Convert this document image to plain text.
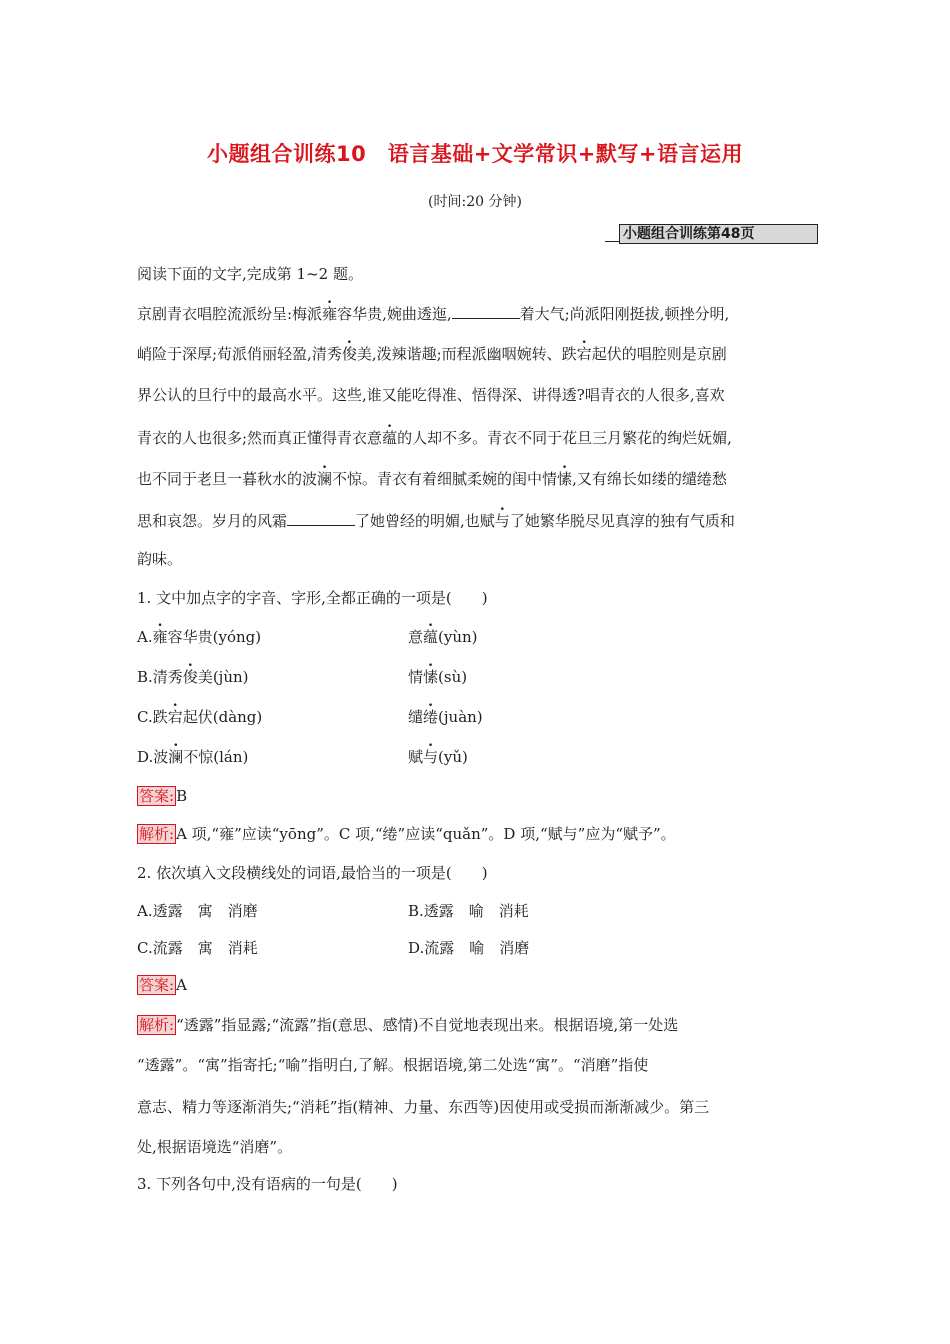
小题组合训练10　语言基础+文学常识+默写+语言运用
(时间:20 分钟)
小题组合训练第48页
阅读下面的文字,完成第 1~2 题。
京剧青衣唱腔流派纷呈:梅派雍容华贵,婉曲透迤,	着大气;尚派阳刚挺拔,顿挫分明,
峭险于深厚;荀派俏丽轻盈,清秀俊美,泼辣谐趣;而程派幽咽婉转、跌宕起伏的唱腔则是京剧
界公认的旦行中的最高水平。这些,谁又能吃得准、悟得深、讲得透?唱青衣的人很多,喜欢
青衣的人也很多;然而真正懂得青衣意蕴的人却不多。青衣不同于花旦三月繁花的绚烂妩媚,
也不同于老旦一暮秋水的波澜不惊。青衣有着细腻柔婉的闺中情愫,又有绵长如缕的缱绻愁
思和哀怨。岁月的风霜	了她曾经的明媚,也赋与了她繁华脱尽见真淳的独有气质和
韵味。
1. 文中加点字的字音、字形,全都正确的一项是(　　)
A.雍容华贵(yóng)	意蕴(yùn)
B.清秀俊美(jùn)	情愫(sù)
C.跌宕起伏(dàng)	缱绻(juàn)
D.波澜不惊(lán)	赋与(yǔ)
答案: B
解析: A 项,“雍”应读“yōng”。C 项,“绻”应读“quǎn”。D 项,“赋与”应为“赋予”。
2. 依次填入文段横线处的词语,最恰当的一项是(　　)
A.透露　寓　消磨	B.透露　喻　消耗
C.流露　寓　消耗	D.流露　喻　消磨
答案: A
解析: “透露”指显露;“流露”指(意思、感情)不自觉地表现出来。根据语境,第一处选
“透露”。“寓”指寄托;“喻”指明白,了解。根据语境,第二处选“寓”。“消磨”指使
意志、精力等逐渐消失;“消耗”指(精神、力量、东西等)因使用或受损而渐渐减少。第三
处,根据语境选“消磨”。
3. 下列各句中,没有语病的一句是(　　)
